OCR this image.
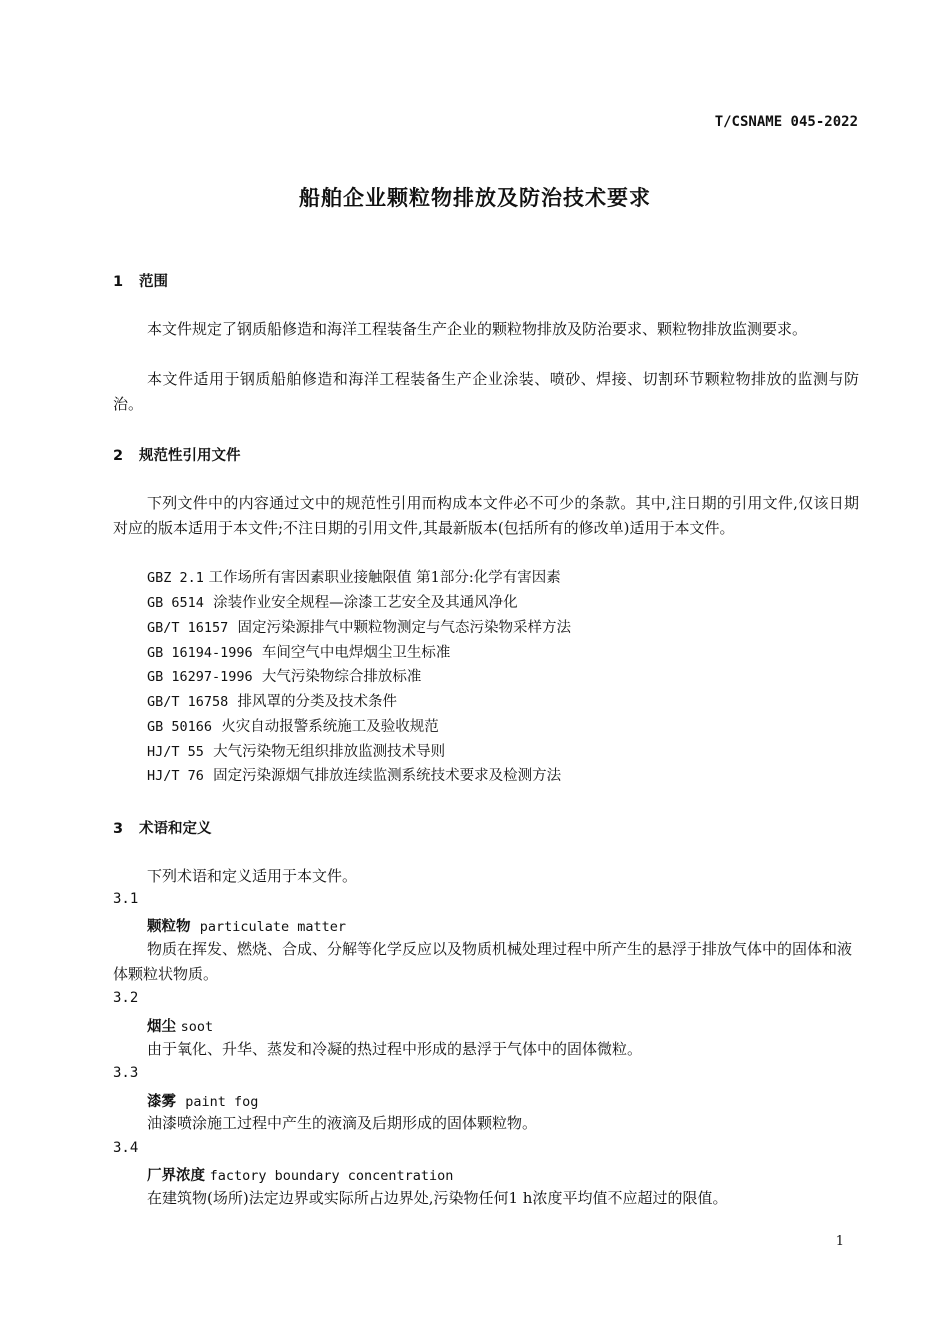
T/CSNAME 045-2022
船舶企业颗粒物排放及防治技术要求
1 范围

本文件规定了钢质船修造和海洋工程装备生产企业的颗粒物排放及防治要求、颗粒物排放监测要求。

本文件适用于钢质船舶修造和海洋工程装备生产企业涂装、喷砂、焊接、切割环节颗粒物排放的监测与防治。

2 规范性引用文件

下列文件中的内容通过文中的规范性引用而构成本文件必不可少的条款。其中,注日期的引用文件,仅该日期对应的版本适用于本文件;不注日期的引用文件,其最新版本(包括所有的修改单)适用于本文件。

GBZ 2.1 工作场所有害因素职业接触限值 第1部分:化学有害因素
GB 6514 涂装作业安全规程—涂漆工艺安全及其通风净化
GB/T 16157 固定污染源排气中颗粒物测定与气态污染物采样方法
GB 16194-1996 车间空气中电焊烟尘卫生标准
GB 16297-1996 大气污染物综合排放标准
GB/T 16758 排风罩的分类及技术条件
GB 50166 火灾自动报警系统施工及验收规范
HJ/T 55 大气污染物无组织排放监测技术导则
HJ/T 76 固定污染源烟气排放连续监测系统技术要求及检测方法
3 术语和定义

下列术语和定义适用于本文件。

3.1
颗粒物 particulate matter

物质在挥发、燃烧、合成、分解等化学反应以及物质机械处理过程中所产生的悬浮于排放气体中的固体和液体颗粒状物质。

3.2
烟尘 soot

由于氧化、升华、蒸发和冷凝的热过程中形成的悬浮于气体中的固体微粒。

3.3
漆雾 paint fog

油漆喷涂施工过程中产生的液滴及后期形成的固体颗粒物。

3.4
厂界浓度 factory boundary concentration

在建筑物(场所)法定边界或实际所占边界处,污染物任何1 h浓度平均值不应超过的限值。

1
